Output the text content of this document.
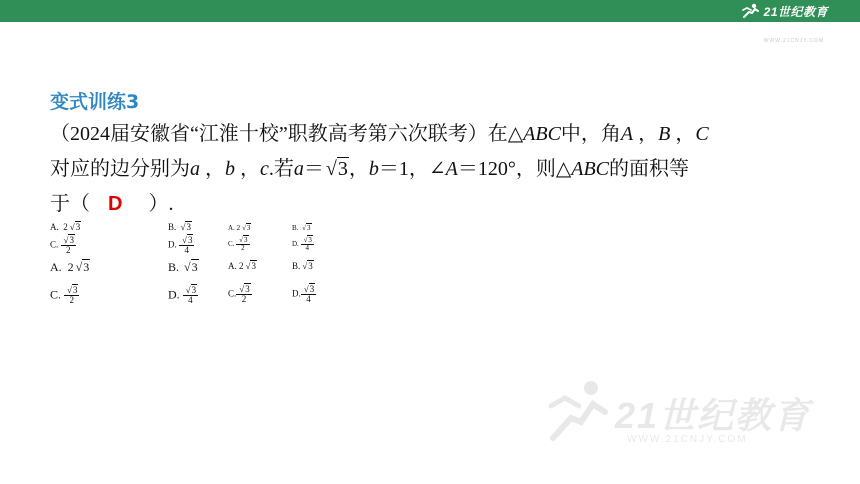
21世纪教育
WWW.21CNJY.COM
变式训练3
（2024届安徽省“江淮十校”职教高考第六次联考）在△ABC中，角A ，B ，C
对应的边分别为a ，b ，c.若a＝ √3，b＝1，∠A＝120°，则△ABC的面积等
于（ D ）.
A. 2 √3	B. √3
C. $\frac{√3}{2}$	D. $\frac{√3}{4}$
A. 2 √3	B. √3
C. $\frac{√3}{2}$	D. $\frac{√3}{4}$
A. 2 √3	B. √3
C. $\frac{√3}{2}$	D. $\frac{√3}{4}$
A. 2 √3	B. √3
C. $\frac{√3}{2}$	D. $\frac{√3}{4}$
21世纪教育
WWW.21CNJY.COM
